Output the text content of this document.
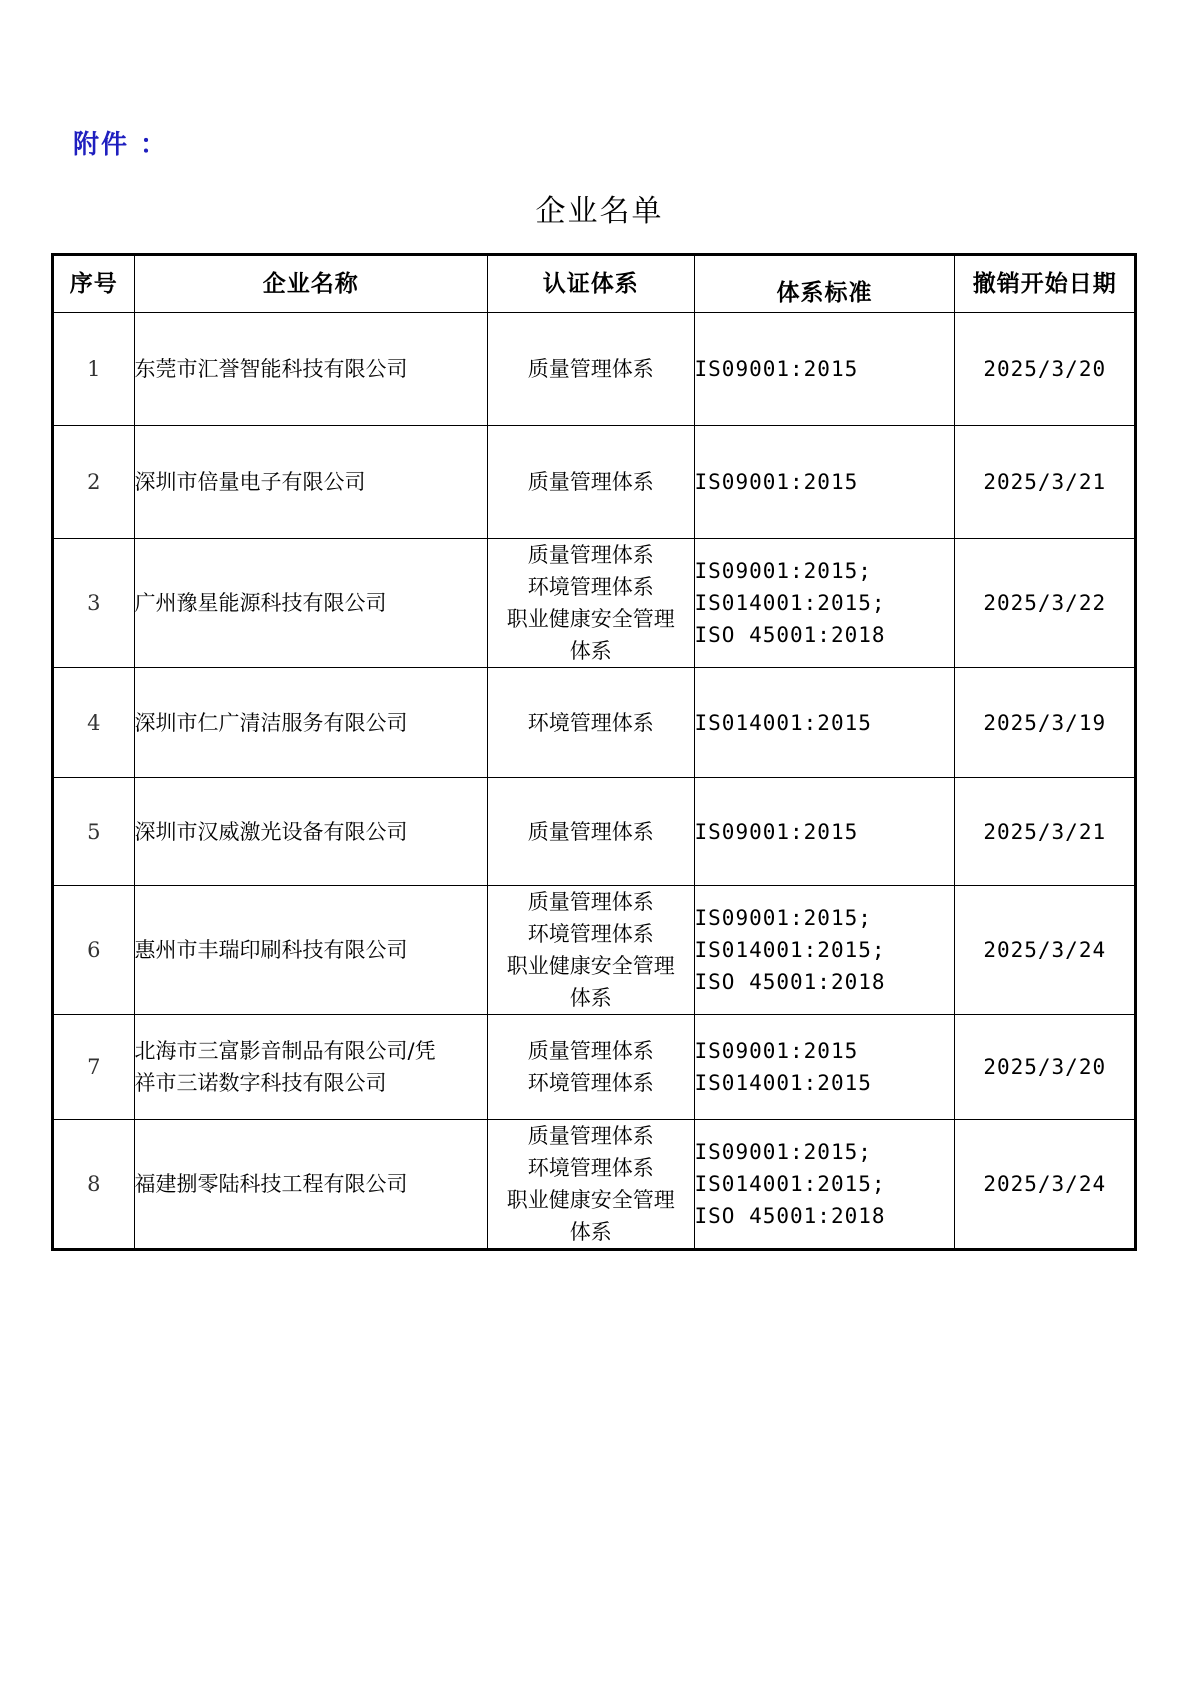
附件 ：
企业名单
序号	企业名称	认证体系	体系标准	撤销开始日期
1	东莞市汇誉智能科技有限公司	质量管理体系	IS09001:2015	2025/3/20
2	深圳市倍量电子有限公司	质量管理体系	IS09001:2015	2025/3/21
3	广州豫星能源科技有限公司	质量管理体系
环境管理体系
职业健康安全管理
体系	IS09001:2015;
IS014001:2015;
ISO 45001:2018	2025/3/22
4	深圳市仁广清洁服务有限公司	环境管理体系	IS014001:2015	2025/3/19
5	深圳市汉威激光设备有限公司	质量管理体系	IS09001:2015	2025/3/21
6	惠州市丰瑞印刷科技有限公司	质量管理体系
环境管理体系
职业健康安全管理
体系	IS09001:2015;
IS014001:2015;
ISO 45001:2018	2025/3/24
7	北海市三富影音制品有限公司/凭
祥市三诺数字科技有限公司	质量管理体系
环境管理体系	IS09001:2015
IS014001:2015	2025/3/20
8	福建捌零陆科技工程有限公司	质量管理体系
环境管理体系
职业健康安全管理
体系	IS09001:2015;
IS014001:2015;
ISO 45001:2018	2025/3/24
